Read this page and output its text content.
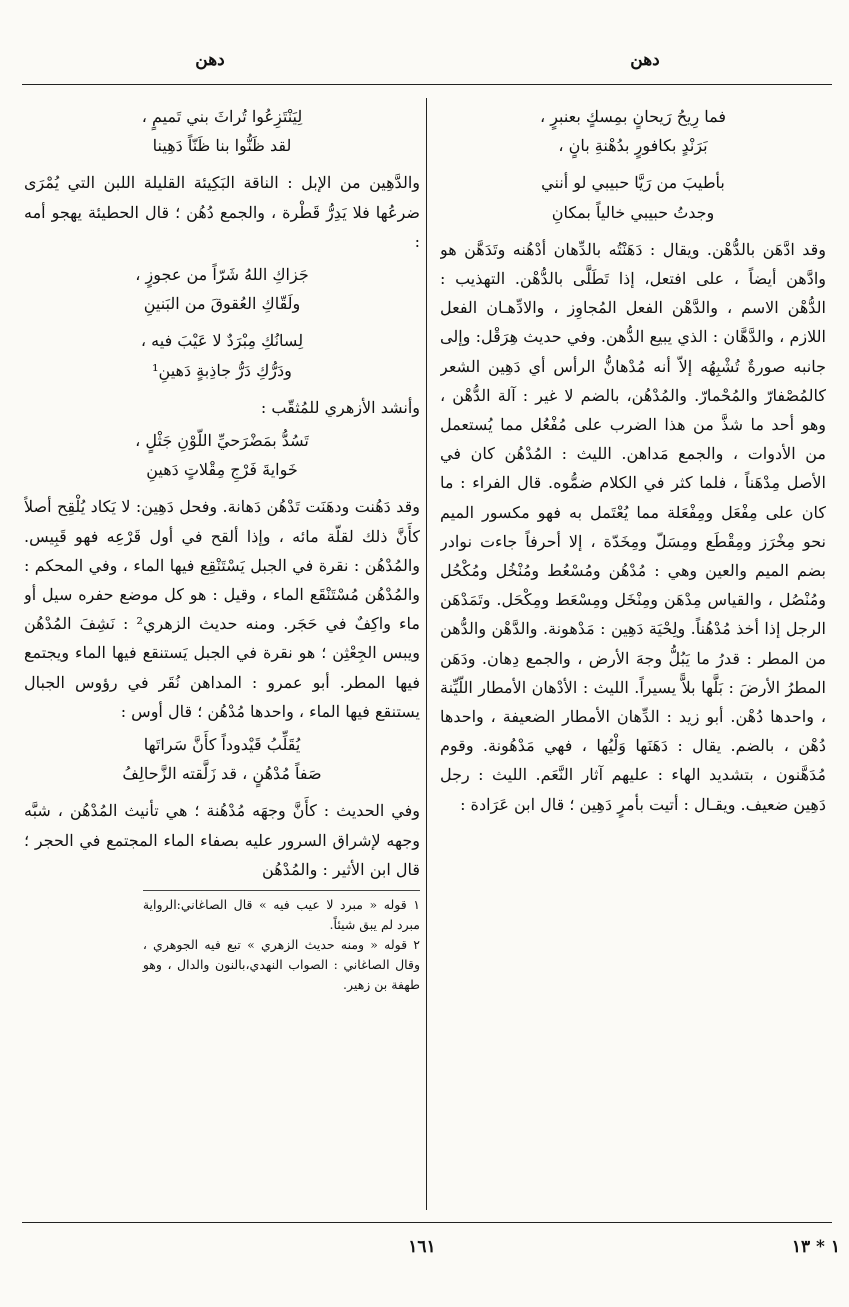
دهن
دهن
فما رِيحُ رَيحانٍ بمِسكٍ بعنبرٍ ،
بَرَنْدٍ بكافورٍ بدُهْنةِ بانٍ ،
بأطيبَ من رَيَّا حبيبي لو أنني
وجدتُ حبيبي خالياً بمكانِ

وقد ادَّهَن بالدُّهْن. ويقال : دَهَنْتُه بالدِّهان أدْهُنه وتَدَهَّن هو وادَّهن أيضاً ، على افتعل، إذا تَطَلَّى بالدُّهْن. التهذيب : الدُّهْن الاسم ، والدَّهْن الفعل المُجاوِز ، والادِّهـان الفعل اللازم ، والدَّهَّان : الذي يبيع الدُّهن. وفي حديث هِرَقْل: وإلى جانبه صورةٌ تُشْبِهُه إلاّ أنه مُدْهانُّ الرأس أي دَهِين الشعر كالمُصْفارّ والمُحْمارّ. والمُدْهُن، بالضم لا غير : آلة الدُّهْن ، وهو أحد ما شذَّ من هذا الضرب على مُفْعُل مما يُستعمل من الأدوات ، والجمع مَداهن. الليث : المُدْهُن كان في الأصل مِدْهَناً ، فلما كثر في الكلام ضمُّوه. قال الفراء : ما كان على مِفْعَل ومِفْعَلة مما يُعْتَمل به فهو مكسور الميم نحو مِخْرَز ومِقْطَع ومِسَلّ ومِخَدّة ، إلا أحرفاً جاءت نوادر بضم الميم والعين وهي : مُدْهُن ومُسْعُط ومُنْخُل ومُكْحُل ومُنْصُل ، والقياس مِدْهَن ومِنْخَل ومِسْعَط ومِكْحَل. وتَمَدْهَن الرجل إذا أخذ مُدْهُناً. ولِحْيَة دَهِين : مَدْهونة. والدَّهْن والدُّهن من المطر : قدرُ ما يَبُلُّ وجهَ الأرض ، والجمع دِهان. ودَهَن المطرُ الأرضَ : بَلَّها بلاًّ يسيراً. الليث : الأدْهان الأمطار اللّيِّنة ، واحدها دُهْن. أبو زيد : الدِّهان الأمطار الضعيفة ، واحدها دُهْن ، بالضم. يقال : دَهَنَها وَلْيُها ، فهي مَدْهُونة. وقوم مُدَهَّنون ، بتشديد الهاء : عليهم آثار النَّعَم. الليث : رجل دَهِين ضعيف. ويقـال : أتيت بأمرٍ دَهِين ؛ قال ابن عَرَادة :

لِيَنْتَزِعُوا تُراثَ بني تَميمٍ ،
لقد ظَنُّوا بنا ظَنّاً دَهِينا

والدَّهِين من الإبل : الناقة البَكِيئة القليلة اللبن التي يُمْرَى ضرعُها فلا يَدِرُّ قَطْرة ، والجمع دُهُن ؛ قال الحطيئة يهجو أمه :

جَزاكِ اللهُ شَرّاً من عجوزٍ ،
ولَقّاكِ العُقوقَ من البَنينِ
لِسانُكِ مِبْرَدٌ لا عَيْبَ فيه ،
ودَرُّكِ دَرُّ جاذِبةٍ دَهينِ¹

وأنشد الأزهري للمُثقّب :

تَسُدُّ بمَضْرَحيِّ اللّوْنِ جَثْلٍ ،
خَوايةَ فَرْجِ مِقْلاتٍ دَهينِ

وقد دَهُنت ودهَنَت تَدْهُن دَهانة. وفحل دَهِين: لا يَكاد يُلْقِح أصلاً كأَنَّ ذلك لقلّة مائه ، وإذا ألقح في أول قَرْعِه فهو قَبِيس. والمُدْهُن : نقرة في الجبل يَسْتَنْقِع فيها الماء ، وفي المحكم : والمُدْهُن مُسْتَنْقَع الماء ، وقيل : هو كل موضع حفره سيل أو ماء واكِفٌ في حَجَر. ومنه حديث الزهري² : نَشِفَ المُدْهُن ويبس الجِعْثِن ؛ هو نقرة في الجبل يَستنقع فيها الماء ويجتمع فيها المطر. أبو عمرو : المداهن نُقَر في رؤوس الجبال يستنقع فيها الماء ، واحدها مُدْهُن ؛ قال أوس :

يُقَلِّبُ قَيْدوداً كأَنَّ سَراتَها
صَفاً مُدْهُنٍ ، قد زَلَّقته الزَّحالِفُ

وفي الحديث : كأَنَّ وجهَه مُدْهُنة ؛ هي تأنيث المُدْهُن ، شبَّه وجهه لإشراق السرور عليه بصفاء الماء المجتمع في الحجر ؛ قال ابن الأثير : والمُدْهُن

١ قوله « مبرد لا عيب فيه » قال الصاغاني:الرواية مبرد لم يبق شيئاً.
٢ قوله « ومنه حديث الزهري » تبع فيه الجوهري ، وقال الصاغاني : الصواب النهدي،بالنون والدال ، وهو طهفة بن زهير.
١٦١	١ * ١٣
